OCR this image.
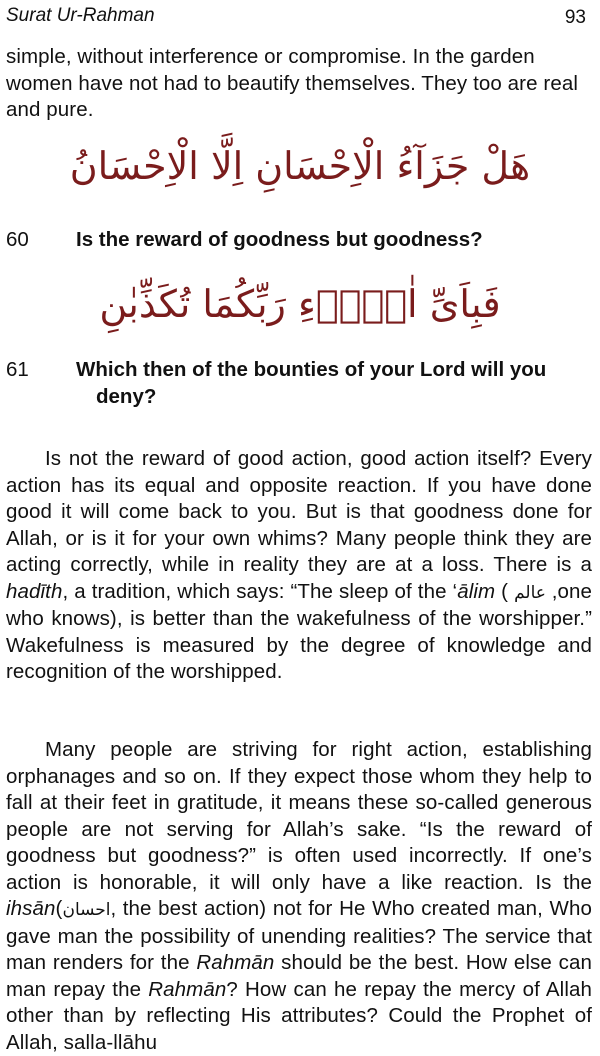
Surat Ur-Rahman	93
simple, without interference or compromise. In the garden
women have not had to beautify themselves. They too are real
and pure.
هَلْ جَزَآءُ الْاِحْسَانِ اِلَّا الْاِحْسَانُ
60	Is the reward of goodness but goodness?
فَبِاَىِّ اٰلَاۤءِ رَبِّكُمَا تُكَذِّبٰنِ
61	Which then of the bounties of your Lord will you
deny?
Is not the reward of good action, good action itself? Every action has its equal and opposite reaction. If you have done good it will come back to you. But is that goodness done for Allah, or is it for your own whims? Many people think they are acting correctly, while in reality they are at a loss. There is a hadīth, a tradition, which says: “The sleep of the ‘ālim ( عالم ,one who knows), is better than the wakefulness of the worshipper.” Wakefulness is measured by the degree of knowledge and recognition of the worshipped.
Many people are striving for right action, establishing orphanages and so on. If they expect those whom they help to fall at their feet in gratitude, it means these so-called generous people are not serving for Allah’s sake. “Is the reward of goodness but goodness?” is often used incorrectly. If one’s action is honorable, it will only have a like reaction. Is the ihsān(احسان, the best action) not for He Who created man, Who gave man the possibility of unending realities? The service that man renders for the Rahmān should be the best. How else can man repay the Rahmān? How can he repay the mercy of Allah other than by reflecting His attributes? Could the Prophet of Allah, salla-llāhu
